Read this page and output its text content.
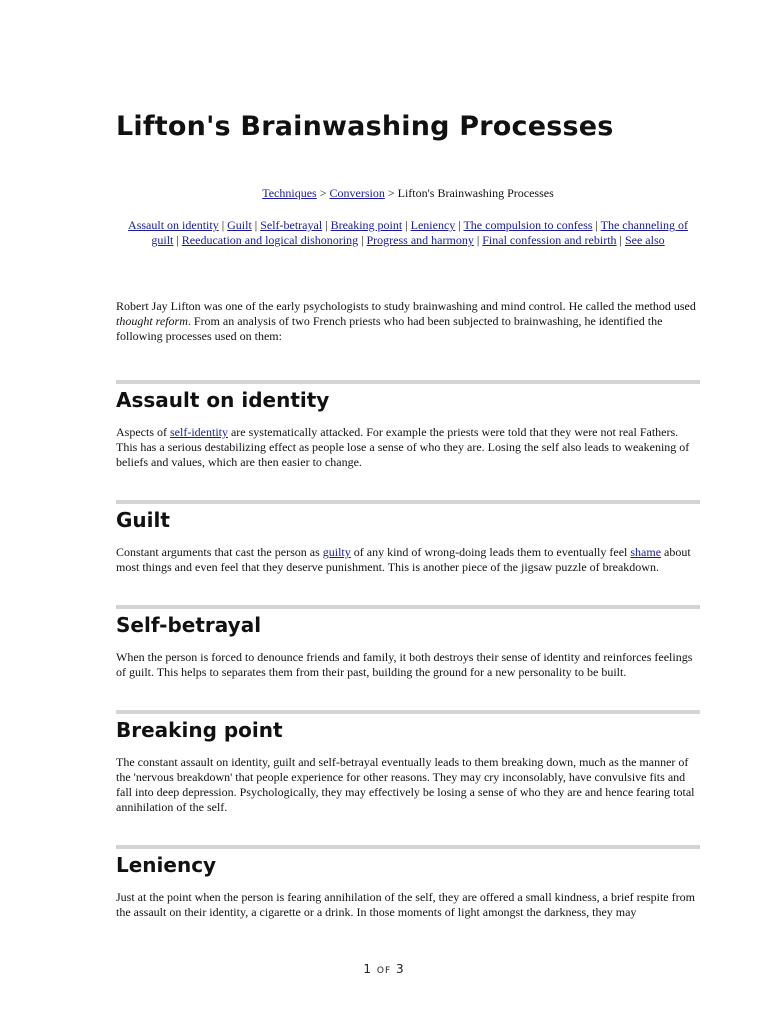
Lifton's Brainwashing Processes
Techniques > Conversion > Lifton's Brainwashing Processes
Assault on identity | Guilt | Self-betrayal | Breaking point | Leniency | The compulsion to confess | The channeling of guilt | Reeducation and logical dishonoring | Progress and harmony | Final confession and rebirth | See also

Robert Jay Lifton was one of the early psychologists to study brainwashing and mind control. He called the method used thought reform. From an analysis of two French priests who had been subjected to brainwashing, he identified the following processes used on them:

Assault on identity

Aspects of self-identity are systematically attacked. For example the priests were told that they were not real Fathers. This has a serious destabilizing effect as people lose a sense of who they are. Losing the self also leads to weakening of beliefs and values, which are then easier to change.

Guilt

Constant arguments that cast the person as guilty of any kind of wrong-doing leads them to eventually feel shame about most things and even feel that they deserve punishment. This is another piece of the jigsaw puzzle of breakdown.

Self-betrayal

When the person is forced to denounce friends and family, it both destroys their sense of identity and reinforces feelings of guilt. This helps to separates them from their past, building the ground for a new personality to be built.

Breaking point

The constant assault on identity, guilt and self-betrayal eventually leads to them breaking down, much as the manner of the 'nervous breakdown' that people experience for other reasons. They may cry inconsolably, have convulsive fits and fall into deep depression. Psychologically, they may effectively be losing a sense of who they are and hence fearing total annihilation of the self.

Leniency

Just at the point when the person is fearing annihilation of the self, they are offered a small kindness, a brief respite from the assault on their identity, a cigarette or a drink. In those moments of light amongst the darkness, they may

1 OF 3
